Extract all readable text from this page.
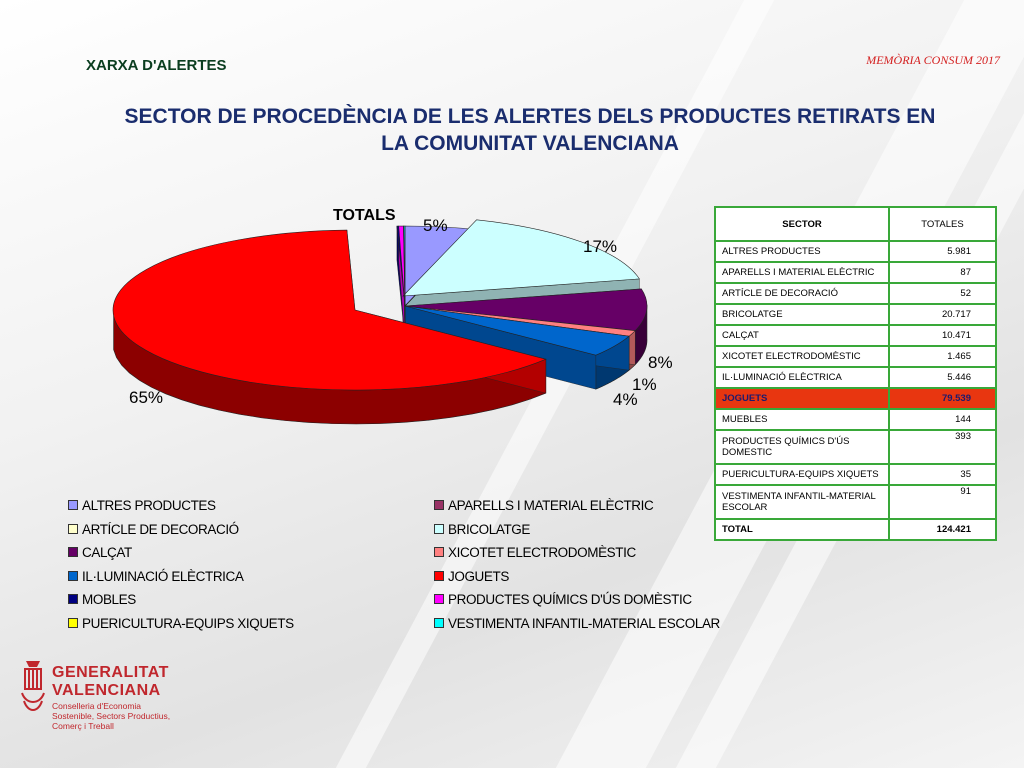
XARXA D'ALERTES	MEMÒRIA CONSUM 2017
SECTOR DE PROCEDÈNCIA DE LES ALERTES DELS PRODUCTES RETIRATS EN
LA COMUNITAT VALENCIANA
TOTALS
5%
17%
8%
1%
4%
65%
ALTRES PRODUCTES	APARELLS I MATERIAL ELÈCTRIC
ARTÍCLE DE DECORACIÓ	BRICOLATGE
CALÇAT	XICOTET ELECTRODOMÈSTIC
IL·LUMINACIÓ ELÈCTRICA	JOGUETS
MOBLES	PRODUCTES QUÍMICS D'ÚS DOMÈSTIC
PUERICULTURA-EQUIPS XIQUETS	VESTIMENTA INFANTIL-MATERIAL ESCOLAR
SECTOR	TOTALES
ALTRES PRODUCTES	5.981
APARELLS I MATERIAL ELÈCTRIC	87
ARTÍCLE DE DECORACIÓ	52
BRICOLATGE	20.717
CALÇAT	10.471
XICOTET ELECTRODOMÈSTIC	1.465
IL·LUMINACIÓ ELÈCTRICA	5.446
JOGUETS	79.539
MUEBLES	144
PRODUCTES QUÍMICS D'ÚS DOMESTIC	393
PUERICULTURA-EQUIPS XIQUETS	35
VESTIMENTA INFANTIL-MATERIAL ESCOLAR	91
TOTAL	124.421
GENERALITAT
VALENCIANA
Conselleria d'Economia
Sostenible, Sectors Productius,
Comerç i Treball
